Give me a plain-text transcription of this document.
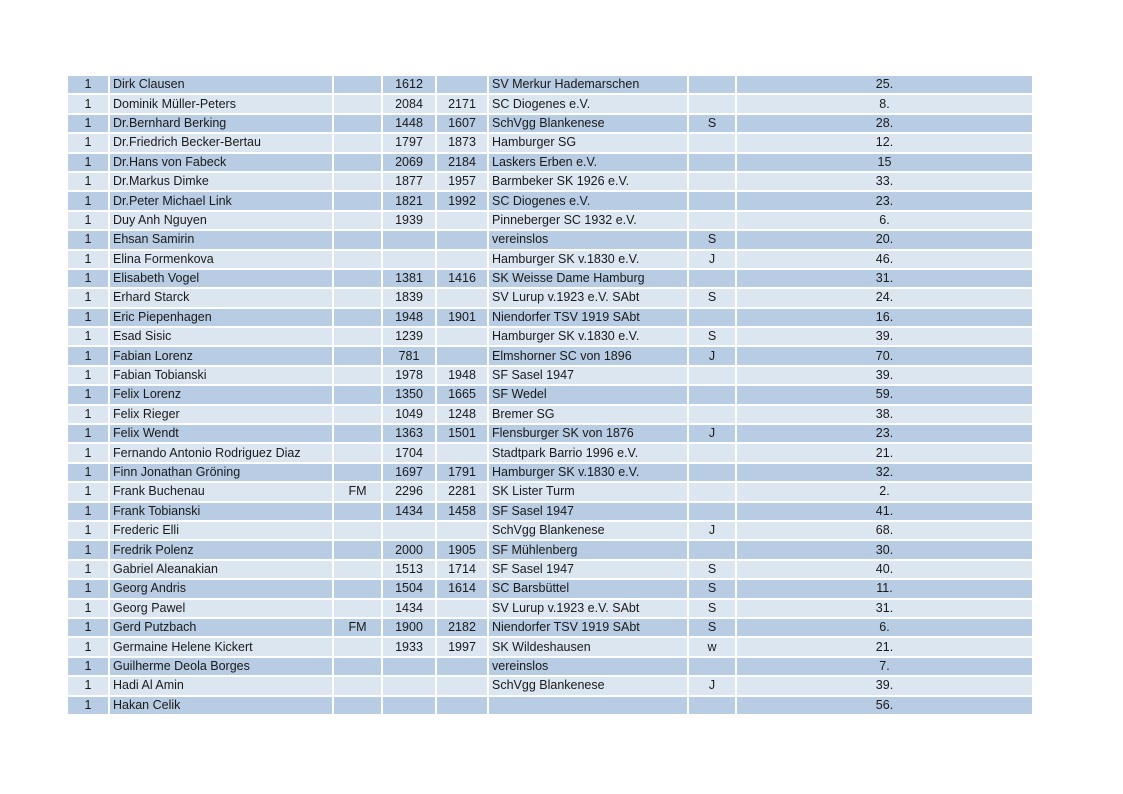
1	Dirk Clausen		1612		SV Merkur Hademarschen		25.
1	Dominik Müller-Peters		2084	2171	SC Diogenes e.V.		8.
1	Dr.Bernhard Berking		1448	1607	SchVgg Blankenese	S	28.
1	Dr.Friedrich Becker-Bertau		1797	1873	Hamburger SG		12.
1	Dr.Hans von Fabeck		2069	2184	Laskers Erben e.V.		15
1	Dr.Markus Dimke		1877	1957	Barmbeker SK 1926 e.V.		33.
1	Dr.Peter Michael Link		1821	1992	SC Diogenes e.V.		23.
1	Duy Anh Nguyen		1939		Pinneberger SC 1932 e.V.		6.
1	Ehsan Samirin				vereinslos	S	20.
1	Elina Formenkova				Hamburger SK v.1830 e.V.	J	46.
1	Elisabeth Vogel		1381	1416	SK Weisse Dame Hamburg		31.
1	Erhard Starck		1839		SV Lurup v.1923 e.V. SAbt	S	24.
1	Eric Piepenhagen		1948	1901	Niendorfer TSV 1919 SAbt		16.
1	Esad Sisic		1239		Hamburger SK v.1830 e.V.	S	39.
1	Fabian Lorenz		781		Elmshorner SC von 1896	J	70.
1	Fabian Tobianski		1978	1948	SF Sasel 1947		39.
1	Felix Lorenz		1350	1665	SF Wedel		59.
1	Felix Rieger		1049	1248	Bremer SG		38.
1	Felix Wendt		1363	1501	Flensburger SK von 1876	J	23.
1	Fernando Antonio Rodriguez Diaz		1704		Stadtpark Barrio 1996 e.V.		21.
1	Finn Jonathan Gröning		1697	1791	Hamburger SK v.1830 e.V.		32.
1	Frank Buchenau	FM	2296	2281	SK Lister Turm		2.
1	Frank Tobianski		1434	1458	SF Sasel 1947		41.
1	Frederic Elli				SchVgg Blankenese	J	68.
1	Fredrik Polenz		2000	1905	SF Mühlenberg		30.
1	Gabriel Aleanakian		1513	1714	SF Sasel 1947	S	40.
1	Georg Andris		1504	1614	SC Barsbüttel	S	11.
1	Georg Pawel		1434		SV Lurup v.1923 e.V. SAbt	S	31.
1	Gerd Putzbach	FM	1900	2182	Niendorfer TSV 1919 SAbt	S	6.
1	Germaine Helene Kickert		1933	1997	SK Wildeshausen	w	21.
1	Guilherme Deola Borges				vereinslos		7.
1	Hadi Al Amin				SchVgg Blankenese	J	39.
1	Hakan Celik						56.
